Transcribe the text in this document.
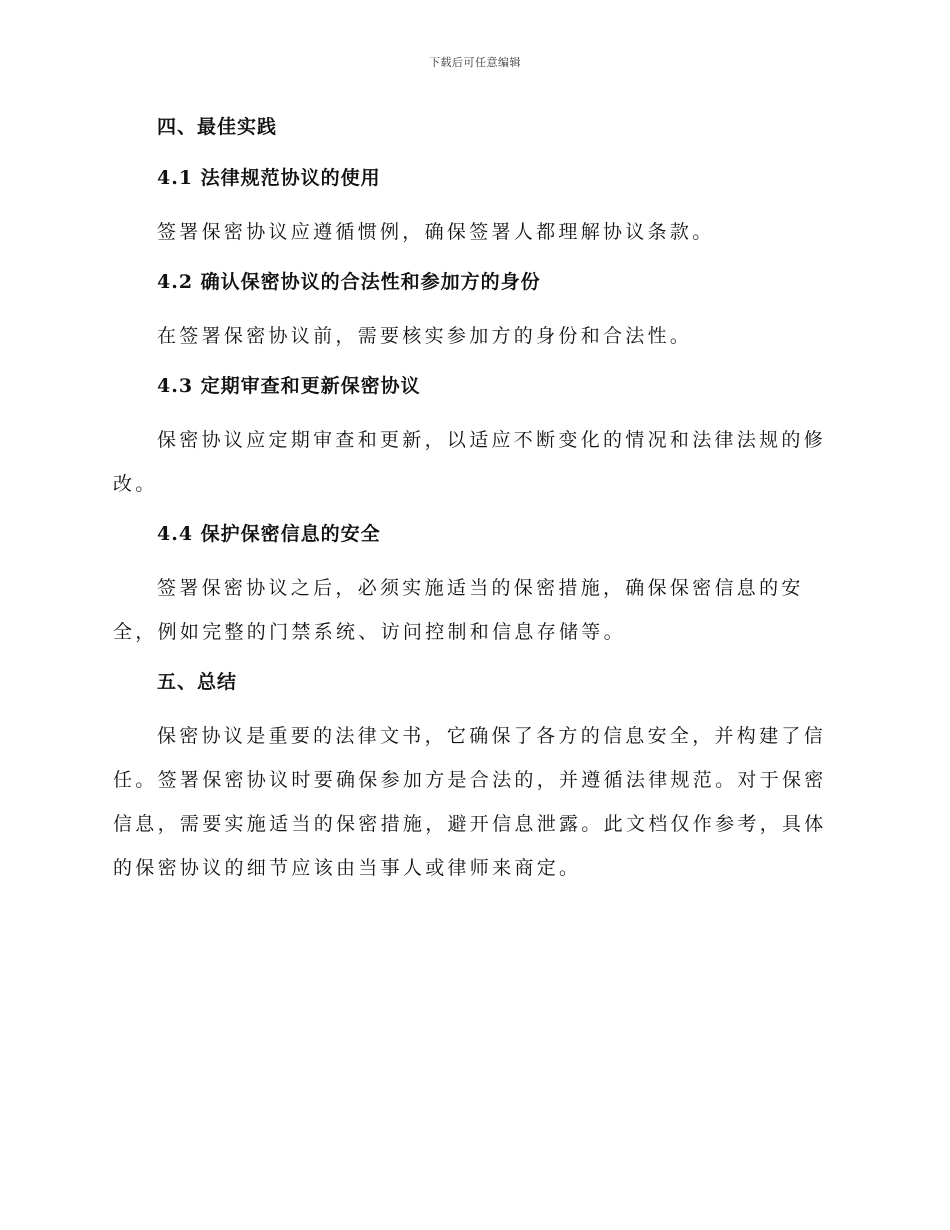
下载后可任意编辑
四、最佳实践
4.1 法律规范协议的使用

签署保密协议应遵循惯例，确保签署人都理解协议条款。

4.2 确认保密协议的合法性和参加方的身份

在签署保密协议前，需要核实参加方的身份和合法性。

4.3 定期审查和更新保密协议

保密协议应定期审查和更新，以适应不断变化的情况和法律法规的修改。

4.4 保护保密信息的安全

签署保密协议之后，必须实施适当的保密措施，确保保密信息的安全，例如完整的门禁系统、访问控制和信息存储等。

五、总结

保密协议是重要的法律文书，它确保了各方的信息安全，并构建了信任。签署保密协议时要确保参加方是合法的，并遵循法律规范。对于保密信息，需要实施适当的保密措施，避开信息泄露。此文档仅作参考，具体的保密协议的细节应该由当事人或律师来商定。
